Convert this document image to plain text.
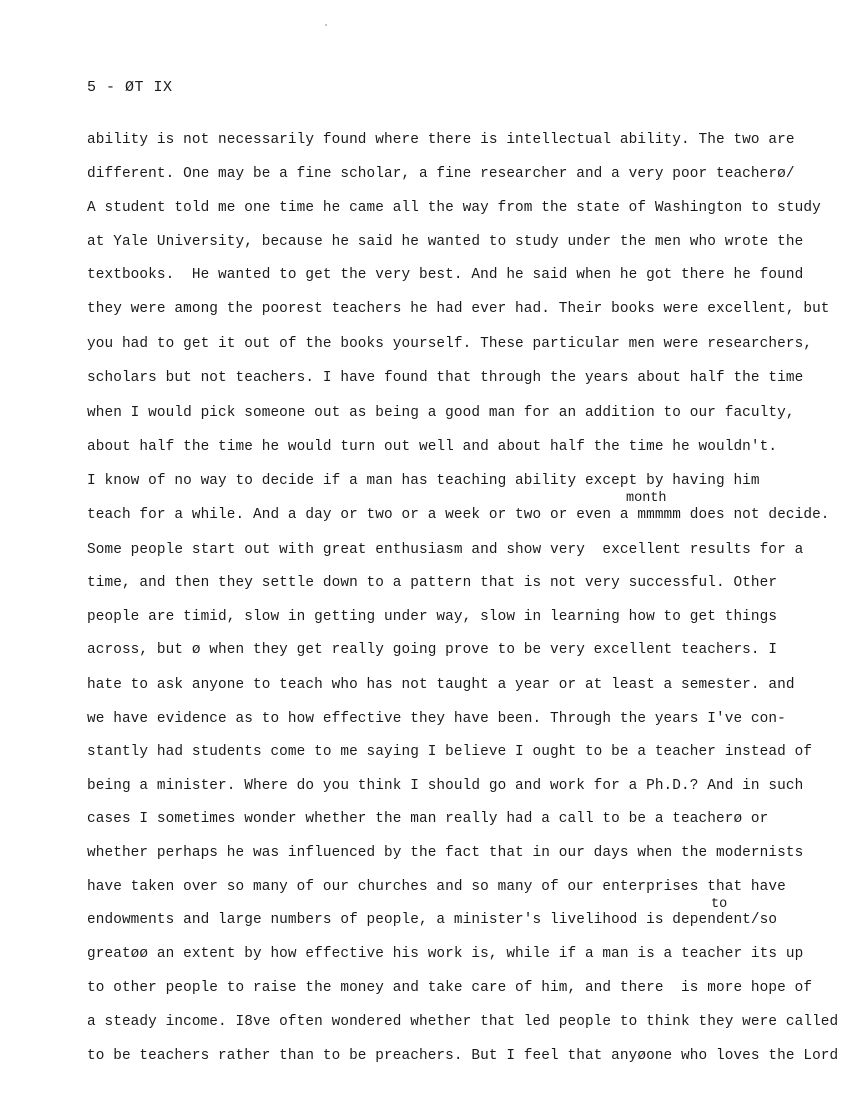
5 - ØT IX
month
to
ability is not necessarily found where there is intellectual ability. The two are
different. One may be a fine scholar, a fine researcher and a very poor teacherø/
A student told me one time he came all the way from the state of Washington to study
at Yale University, because he said he wanted to study under the men who wrote the
textbooks.  He wanted to get the very best. And he said when he got there he found
they were among the poorest teachers he had ever had. Their books were excellent, but
you had to get it out of the books yourself. These particular men were researchers,
scholars but not teachers. I have found that through the years about half the time
when I would pick someone out as being a good man for an addition to our faculty,
about half the time he would turn out well and about half the time he wouldn't.
I know of no way to decide if a man has teaching ability except by having him
teach for a while. And a day or two or a week or two or even a mmmmm does not decide.
Some people start out with great enthusiasm and show very  excellent results for a
time, and then they settle down to a pattern that is not very successful. Other
people are timid, slow in getting under way, slow in learning how to get things
across, but ø when they get really going prove to be very excellent teachers. I
hate to ask anyone to teach who has not taught a year or at least a semester. and
we have evidence as to how effective they have been. Through the years I've con-
stantly had students come to me saying I believe I ought to be a teacher instead of
being a minister. Where do you think I should go and work for a Ph.D.? And in such
cases I sometimes wonder whether the man really had a call to be a teacherø or
whether perhaps he was influenced by the fact that in our days when the modernists
have taken over so many of our churches and so many of our enterprises that have
endowments and large numbers of people, a minister's livelihood is dependent/so
greatøø an extent by how effective his work is, while if a man is a teacher its up
to other people to raise the money and take care of him, and there  is more hope of
a steady income. I8ve often wondered whether that led people to think they were called
to be teachers rather than to be preachers. But I feel that anyøone who loves the Lord
